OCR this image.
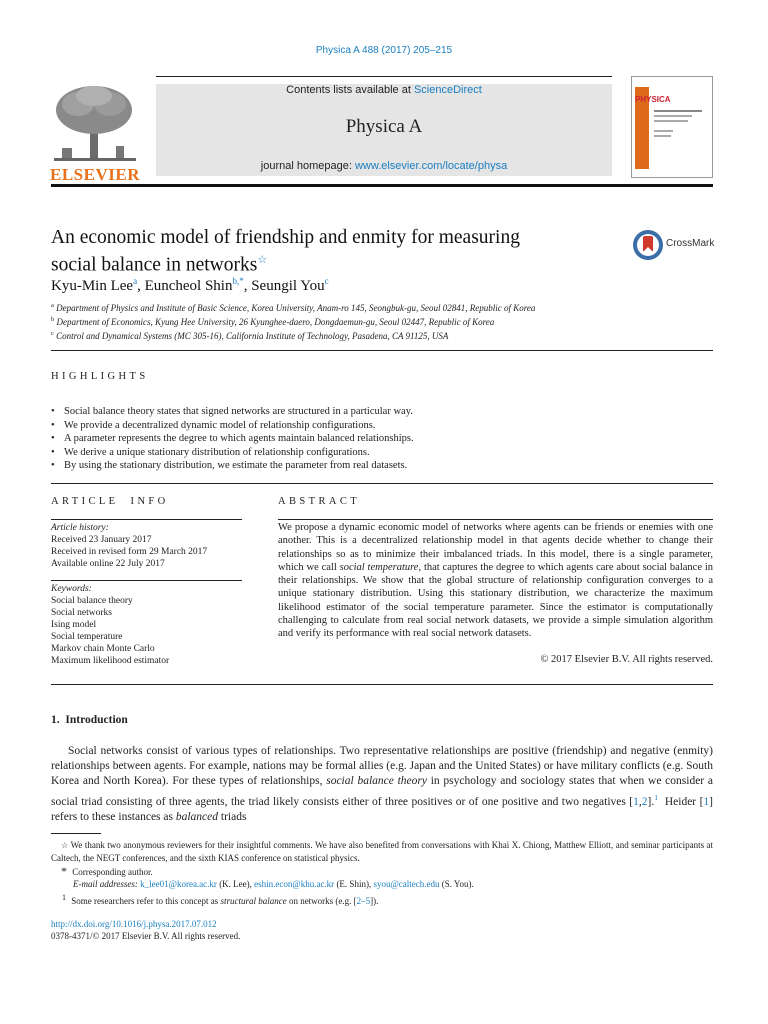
Physica A 488 (2017) 205–215
ELSEVIER
Contents lists available at ScienceDirect
Physica A
journal homepage: www.elsevier.com/locate/physa
PHYSICA
An economic model of friendship and enmity for measuring
social balance in networks☆
CrossMark
Kyu-Min Lee$^a$, Euncheol Shin$^{b,*}$, Seungil You$^c$
$^a$ Department of Physics and Institute of Basic Science, Korea University, Anam-ro 145, Seongbuk-gu, Seoul 02841, Republic of Korea
$^b$ Department of Economics, Kyung Hee University, 26 Kyunghee-daero, Dongdaemun-gu, Seoul 02447, Republic of Korea
$^c$ Control and Dynamical Systems (MC 305-16), California Institute of Technology, Pasadena, CA 91125, USA
HIGHLIGHTS
• Social balance theory states that signed networks are structured in a particular way.
• We provide a decentralized dynamic model of relationship configurations.
• A parameter represents the degree to which agents maintain balanced relationships.
• We derive a unique stationary distribution of relationship configurations.
• By using the stationary distribution, we estimate the parameter from real datasets.
ARTICLE  INFO
Article history:
Received 23 January 2017
Received in revised form 29 March 2017
Available online 22 July 2017
Keywords:
Social balance theory
Social networks
Ising model
Social temperature
Markov chain Monte Carlo
Maximum likelihood estimator
ABSTRACT
We propose a dynamic economic model of networks where agents can be friends or enemies with one another. This is a decentralized relationship model in that agents decide whether to change their relationships so as to minimize their imbalanced triads. In this model, there is a single parameter, which we call social temperature, that captures the degree to which agents care about social balance in their relationships. We show that the global structure of relationship configuration converges to a unique stationary distribution. Using this stationary distribution, we characterize the maximum likelihood estimator of the social temperature parameter. Since the estimator is computationally challenging to calculate from real social network datasets, we provide a simple simulation algorithm and verify its performance with real social network datasets.
© 2017 Elsevier B.V. All rights reserved.
1.  Introduction
Social networks consist of various types of relationships. Two representative relationships are positive (friendship) and negative (enmity) relationships between agents. For example, nations may be formal allies (e.g. Japan and the United States) or have military conflicts (e.g. South Korea and North Korea). For these types of relationships, social balance theory in psychology and sociology states that when we consider a social triad consisting of three agents, the triad likely consists either of three positives or of one positive and two negatives [1,2].$^1$  Heider [1] refers to these instances as balanced triads
☆ We thank two anonymous reviewers for their insightful comments. We have also benefited from conversations with Khai X. Chiong, Matthew Elliott, and seminar participants at Caltech, the NEGT conferences, and the sixth KIAS conference on statistical physics.
* Corresponding author.
E-mail addresses: k_lee01@korea.ac.kr (K. Lee), eshin.econ@khu.ac.kr (E. Shin), syou@caltech.edu (S. You).
$^1$ Some researchers refer to this concept as structural balance on networks (e.g. [2–5]).
http://dx.doi.org/10.1016/j.physa.2017.07.012
0378-4371/© 2017 Elsevier B.V. All rights reserved.
